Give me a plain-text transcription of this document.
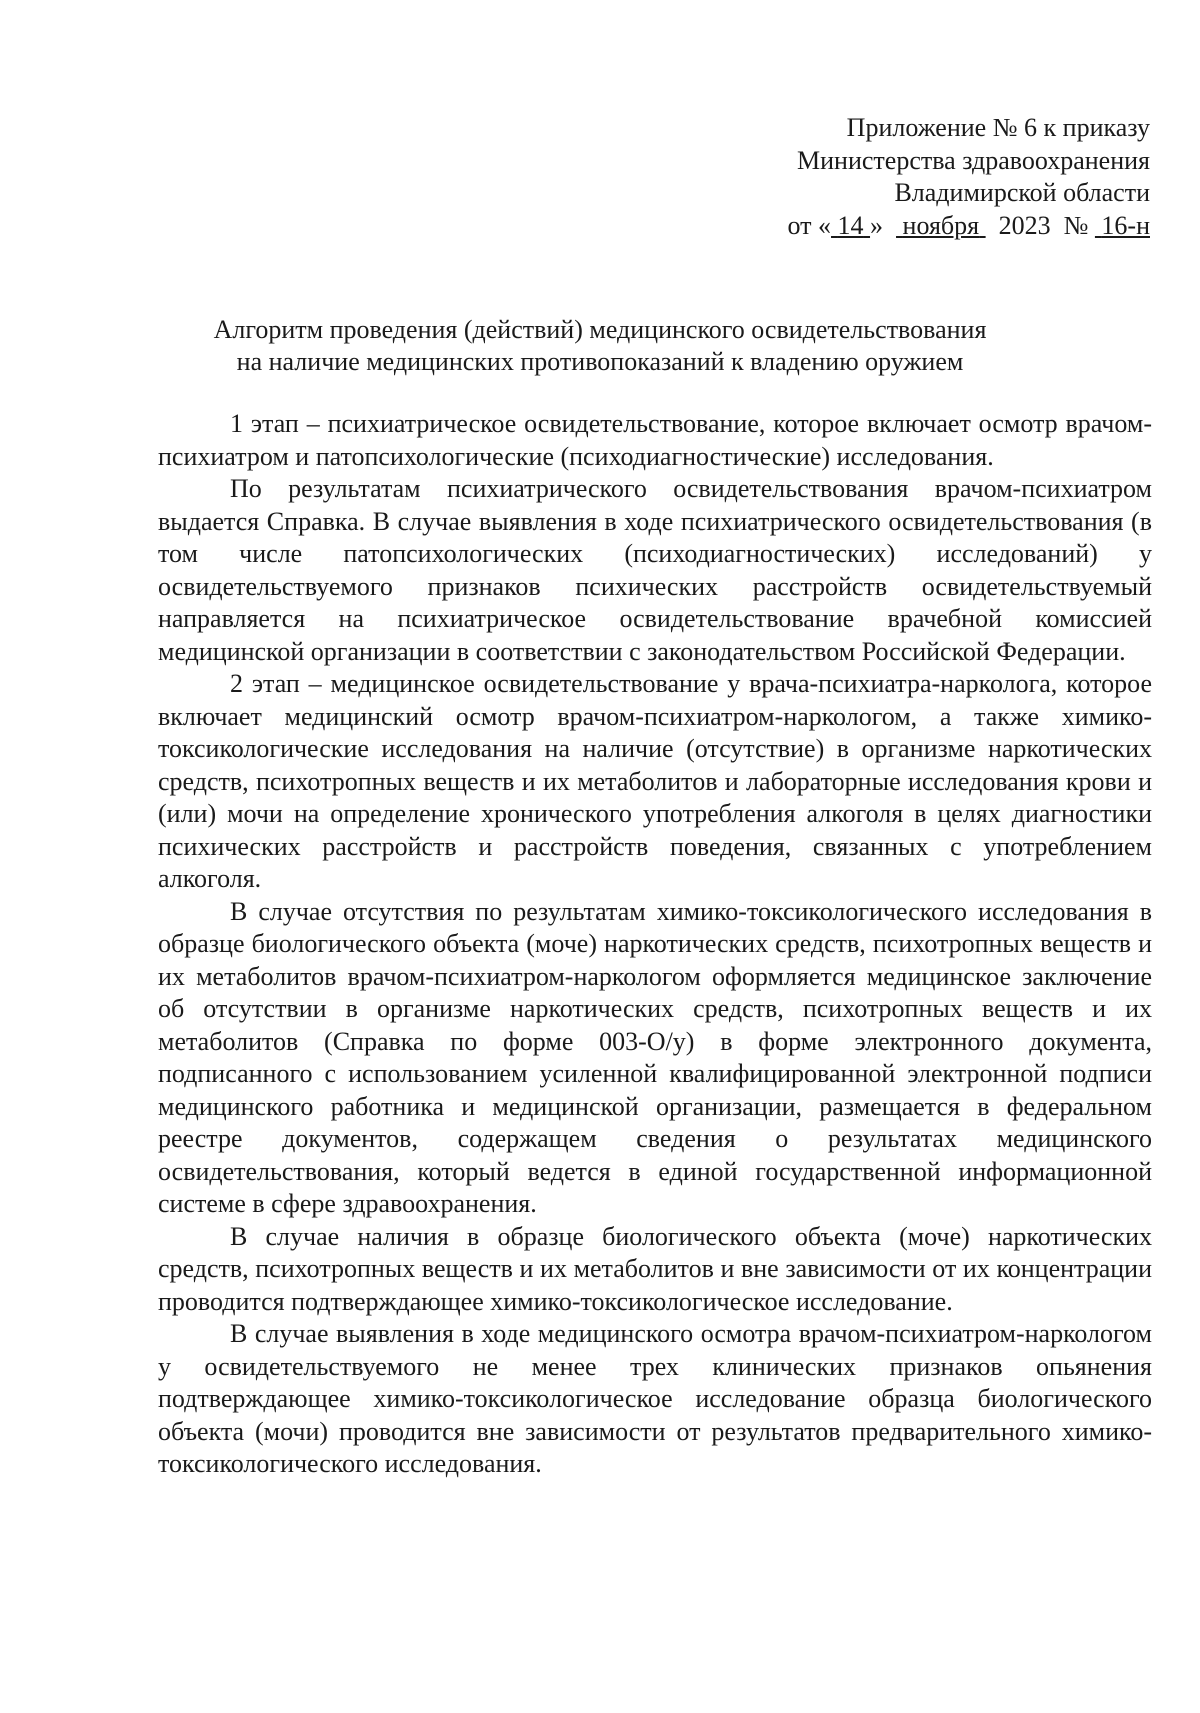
Приложение № 6 к приказу
Министерства здравоохранения
Владимирской области
от « 14 » ноября 2023 № 16-н
Алгоритм проведения (действий) медицинского освидетельствования
на наличие медицинских противопоказаний к владению оружием

1 этап – психиатрическое освидетельствование, которое включает осмотр врачом-психиатром и патопсихологические (психодиагностические) исследования.

По результатам психиатрического освидетельствования врачом-психиатром выдается Справка. В случае выявления в ходе психиатрического освидетельствования (в том числе патопсихологических (психодиагностических) исследований) у освидетельствуемого признаков психических расстройств освидетельствуемый направляется на психиатрическое освидетельствование врачебной комиссией медицинской организации в соответствии с законодательством Российской Федерации.

2 этап – медицинское освидетельствование у врача-психиатра-нарколога, которое включает медицинский осмотр врачом-психиатром-наркологом, а также химико-токсикологические исследования на наличие (отсутствие) в организме наркотических средств, психотропных веществ и их метаболитов и лабораторные исследования крови и (или) мочи на определение хронического употребления алкоголя в целях диагностики психических расстройств и расстройств поведения, связанных с употреблением алкоголя.

В случае отсутствия по результатам химико-токсикологического исследования в образце биологического объекта (моче) наркотических средств, психотропных веществ и их метаболитов врачом-психиатром-наркологом оформляется медицинское заключение об отсутствии в организме наркотических средств, психотропных веществ и их метаболитов (Справка по форме 003-О/у) в форме электронного документа, подписанного с использованием усиленной квалифицированной электронной подписи медицинского работника и медицинской организации, размещается в федеральном реестре документов, содержащем сведения о результатах медицинского освидетельствования, который ведется в единой государственной информационной системе в сфере здравоохранения.

В случае наличия в образце биологического объекта (моче) наркотических средств, психотропных веществ и их метаболитов и вне зависимости от их концентрации проводится подтверждающее химико-токсикологическое исследование.

В случае выявления в ходе медицинского осмотра врачом-психиатром-наркологом у освидетельствуемого не менее трех клинических признаков опьянения подтверждающее химико-токсикологическое исследование образца биологического объекта (мочи) проводится вне зависимости от результатов предварительного химико-токсикологического исследования.
